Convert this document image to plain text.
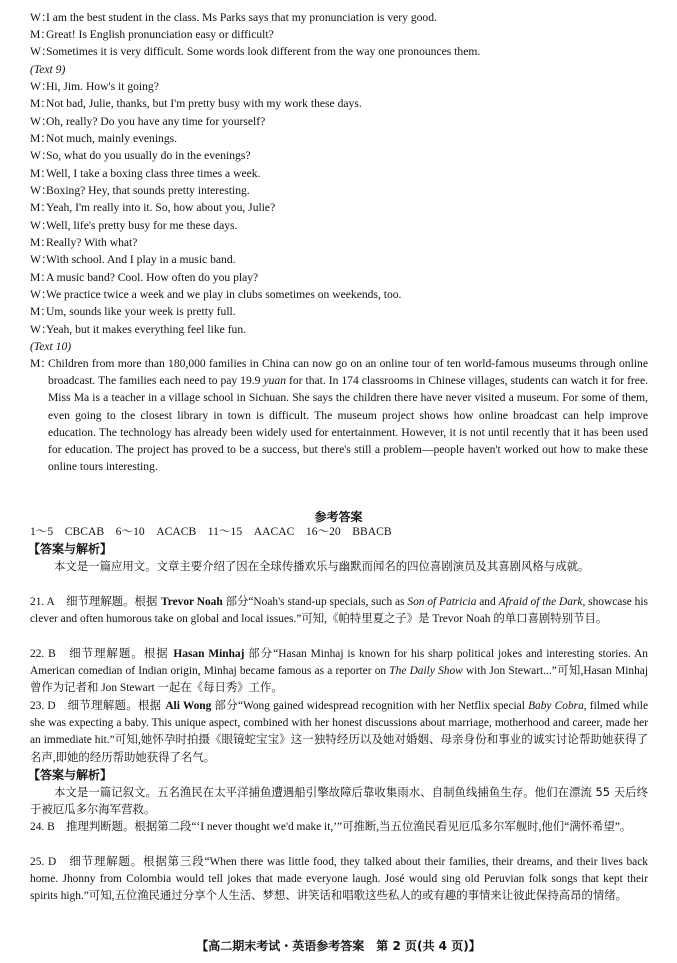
W：I am the best student in the class. Ms Parks says that my pronunciation is very good.
M：Great! Is English pronunciation easy or difficult?
W：Sometimes it is very difficult. Some words look different from the way one pronounces them.
(Text 9)
W：Hi, Jim. How's it going?
M：Not bad, Julie, thanks, but I'm pretty busy with my work these days.
W：Oh, really? Do you have any time for yourself?
M：Not much, mainly evenings.
W：So, what do you usually do in the evenings?
M：Well, I take a boxing class three times a week.
W：Boxing? Hey, that sounds pretty interesting.
M：Yeah, I'm really into it. So, how about you, Julie?
W：Well, life's pretty busy for me these days.
M：Really? With what?
W：With school. And I play in a music band.
M：A music band? Cool. How often do you play?
W：We practice twice a week and we play in clubs sometimes on weekends, too.
M：Um, sounds like your week is pretty full.
W：Yeah, but it makes everything feel like fun.
(Text 10)
M：
Children from more than 180,000 families in China can now go on an online tour of ten world-famous museums through online broadcast. The families each need to pay 19.9 yuan for that. In 174 classrooms in Chinese villages, students can watch it for free. Miss Ma is a teacher in a village school in Sichuan. She says the children there have never visited a museum. For some of them, even going to the closest library in town is difficult. The museum project shows how online broadcast can help improve education. The technology has already been widely used for entertainment. However, it is not until recently that it has been used for education. The project has proved to be a success, but there's still a problem—people haven't worked out how to make these online tours interesting.
参考答案
1～5　CBCAB　6～10　ACACB　11～15　AACAC　16～20　BBACB
【答案与解析】
本文是一篇应用文。文章主要介绍了因在全球传播欢乐与幽默而闻名的四位喜剧演员及其喜剧风格与成就。
21. A　细节理解题。根据 Trevor Noah 部分“Noah's stand-up specials, such as Son of Patricia and Afraid of the Dark, showcase his clever and often humorous take on global and local issues.”可知,《帕特里夏之子》是 Trevor Noah 的单口喜剧特别节目。
22. B　细节理解题。根据 Hasan Minhaj 部分“Hasan Minhaj is known for his sharp political jokes and interesting stories. An American comedian of Indian origin, Minhaj became famous as a reporter on The Daily Show with Jon Stewart...”可知,Hasan Minhaj 曾作为记者和 Jon Stewart 一起在《每日秀》工作。
23. D　细节理解题。根据 Ali Wong 部分“Wong gained widespread recognition with her Netflix special Baby Cobra, filmed while she was expecting a baby. This unique aspect, combined with her honest discussions about marriage, motherhood and career, made her an immediate hit.”可知,她怀孕时拍摄《眼镜蛇宝宝》这一独特经历以及她对婚姻、母亲身份和事业的诚实讨论帮助她获得了名声,即她的经历帮助她获得了名气。
【答案与解析】
本文是一篇记叙文。五名渔民在太平洋捕鱼遭遇船引擎故障后靠收集雨水、自制鱼线捕鱼生存。他们在漂流 55 天后终于被厄瓜多尔海军营救。
24. B　推理判断题。根据第二段“‘I never thought we'd make it,’”可推断,当五位渔民看见厄瓜多尔军舰时,他们“满怀希望”。
25. D　细节理解题。根据第三段“When there was little food, they talked about their families, their dreams, and their lives back home. Jhonny from Colombia would tell jokes that made everyone laugh. José would sing old Peruvian folk songs that kept their spirits high.”可知,五位渔民通过分享个人生活、梦想、讲笑话和唱歌这些私人的或有趣的事情来让彼此保持高昂的情绪。
【高二期末考试・英语参考答案　第 2 页(共 4 页)】
